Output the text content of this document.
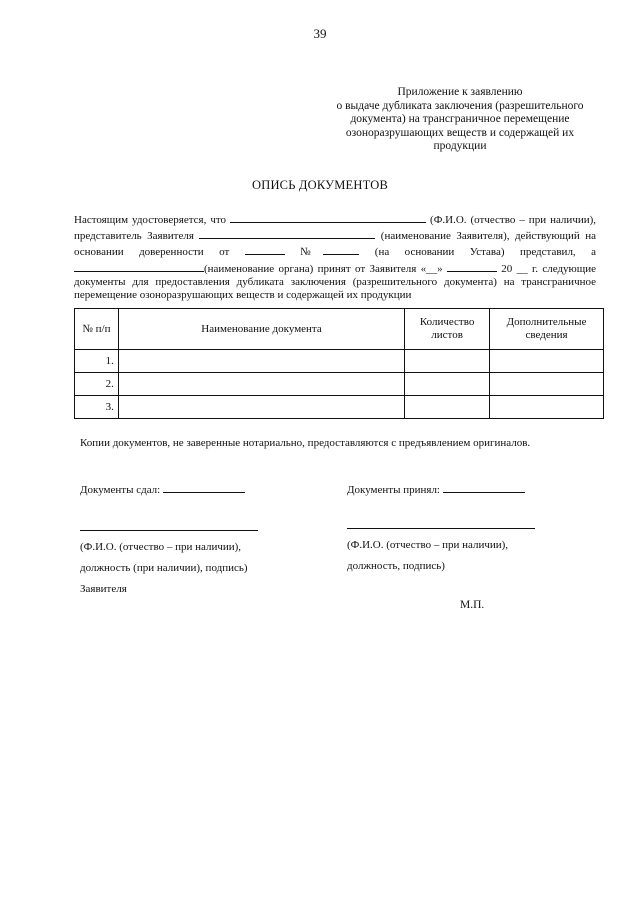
39
Приложение к заявлению
о выдаче дубликата заключения (разрешительного
документа) на трансграничное перемещение
озоноразрушающих веществ и содержащей их
продукции
ОПИСЬ ДОКУМЕНТОВ
Настоящим удостоверяется, что	(Ф.И.О. (отчество – при наличии), представитель Заявителя	(наименование Заявителя), действующий на основании доверенности от	№	(на основании Устава) представил, а (наименование органа) принят от Заявителя «__»	20 __ г. следующие документы для предоставления дубликата заключения (разрешительного документа) на трансграничное перемещение озоноразрушающих веществ и содержащей их продукции
№ п/п	Наименование документа	Количество листов	Дополнительные сведения
1.			
2.			
3.			
Копии документов, не заверенные нотариально, предоставляются с предъявлением оригиналов.
Документы сдал:	Документы принял:
(Ф.И.О. (отчество – при наличии),
должность (при наличии), подпись)
Заявителя
(Ф.И.О. (отчество – при наличии),
должность, подпись)
М.П.
